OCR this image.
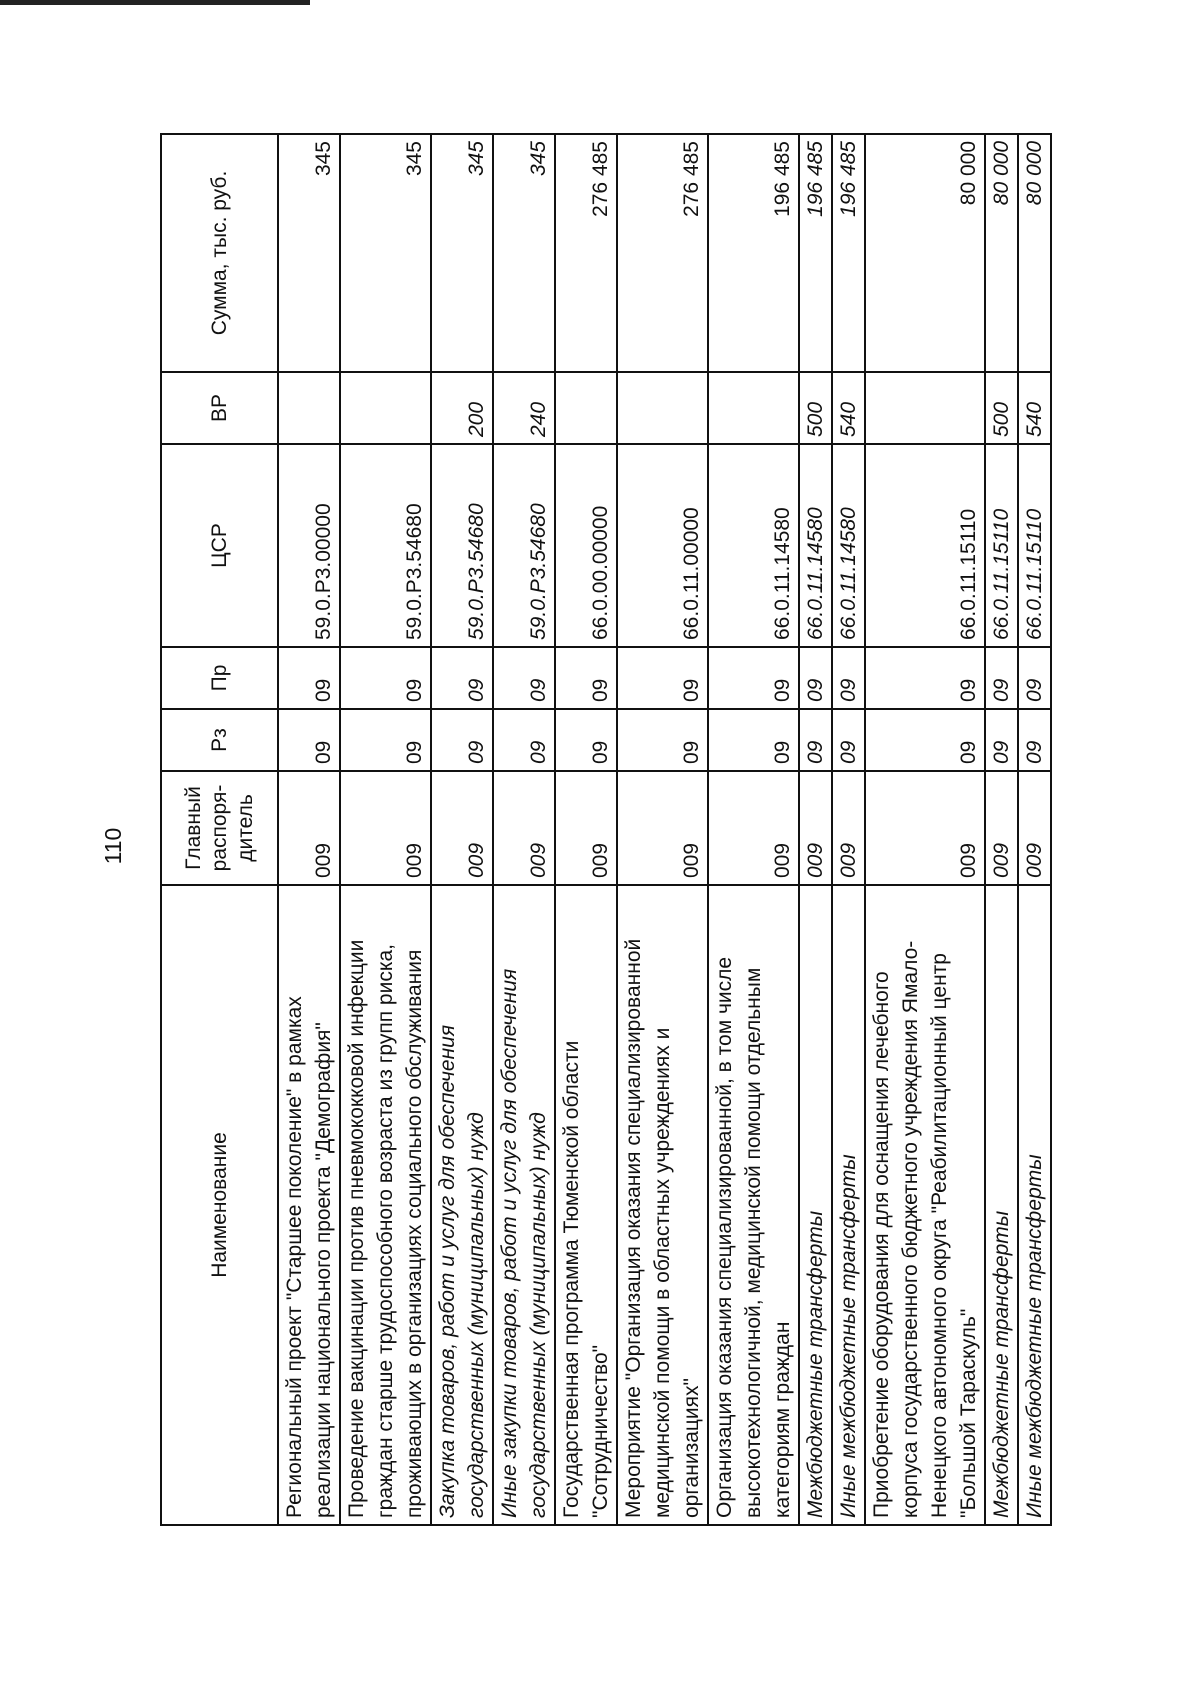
110
Наименование	Главный распоря-дитель	Рз	Пр	ЦСР	ВР	Сумма, тыс. руб.
Региональный проект "Старшее поколение" в рамках реализации национального проекта "Демография"	009	09	09	59.0.P3.00000		345
Проведение вакцинации против пневмококковой инфекции граждан старше трудоспособного возраста из групп риска, проживающих в организациях социального обслуживания	009	09	09	59.0.P3.54680		345
Закупка товаров, работ и услуг для обеспечения государственных (муниципальных) нужд	009	09	09	59.0.P3.54680	200	345
Иные закупки товаров, работ и услуг для обеспечения государственных (муниципальных) нужд	009	09	09	59.0.P3.54680	240	345
Государственная программа Тюменской области "Сотрудничество"	009	09	09	66.0.00.00000		276 485
Мероприятие "Организация оказания специализированной медицинской помощи в областных учреждениях и организациях"	009	09	09	66.0.11.00000		276 485
Организация оказания специализированной, в том числе высокотехнологичной, медицинской помощи отдельным категориям граждан	009	09	09	66.0.11.14580		196 485
Межбюджетные трансферты	009	09	09	66.0.11.14580	500	196 485
Иные межбюджетные трансферты	009	09	09	66.0.11.14580	540	196 485
Приобретение оборудования для оснащения лечебного корпуса государственного бюджетного учреждения Ямало-Ненецкого автономного округа "Реабилитационный центр "Большой Тараскуль"	009	09	09	66.0.11.15110		80 000
Межбюджетные трансферты	009	09	09	66.0.11.15110	500	80 000
Иные межбюджетные трансферты	009	09	09	66.0.11.15110	540	80 000
